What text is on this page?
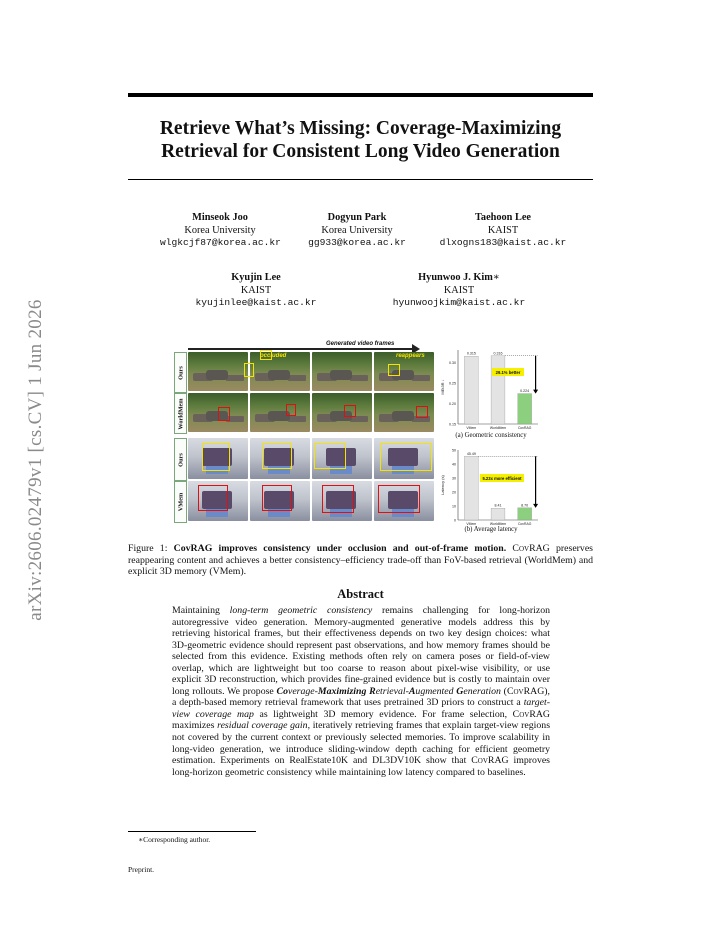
arXiv:2606.02479v1 [cs.CV] 1 Jun 2026
Retrieve What’s Missing: Coverage-Maximizing
Retrieval for Consistent Long Video Generation
Minseok Joo
Korea University
wlgkcjf87@korea.ac.kr
Dogyun Park
Korea University
gg933@korea.ac.kr
Taehoon Lee
KAIST
dlxogns183@kaist.ac.kr
Kyujin Lee
KAIST
kyujinlee@kaist.ac.kr
Hyunwoo J. Kim∗
KAIST
hyunwoojkim@kaist.ac.kr
Generated video frames
Ours
WorldMem
Ours
VMem
occluded	reappears
0.15
0.20
0.25
0.30
MEt3R ↓
0.315
VMem
0.316
WorldMem
0.224
CovRAG
29.1% better
(a) Geometric consistency
0
10
20
30
40
50
Latency (s)
45.49
VMem
8.41
WorldMem
8.70
CovRAG
5.23x more efficient
(b) Average latency
Figure 1: CovRAG improves consistency under occlusion and out-of-frame motion. CovRAG preserves reappearing content and achieves a better consistency–efficiency trade-off than FoV-based retrieval (WorldMem) and explicit 3D memory (VMem).
Abstract
Maintaining long-term geometric consistency remains challenging for long-horizon autoregressive video generation. Memory-augmented generative models address this by retrieving historical frames, but their effectiveness depends on two key design choices: what 3D-geometric evidence should represent past observations, and how memory frames should be selected from this evidence. Existing methods often rely on camera poses or field-of-view overlap, which are lightweight but too coarse to reason about pixel-wise visibility, or use explicit 3D reconstruction, which provides fine-grained evidence but is costly to maintain over long rollouts. We propose Coverage-Maximizing Retrieval-Augmented Generation (CovRAG), a depth-based memory retrieval framework that uses pretrained 3D priors to construct a target-view coverage map as lightweight 3D memory evidence. For frame selection, CovRAG maximizes residual coverage gain, iteratively retrieving frames that explain target-view regions not covered by the current context or previously selected memories. To improve scalability in long-video generation, we introduce sliding-window depth caching for efficient geometry estimation. Experiments on RealEstate10K and DL3DV10K show that CovRAG improves long-horizon geometric consistency while maintaining low latency compared to baselines.
∗Corresponding author.
Preprint.
